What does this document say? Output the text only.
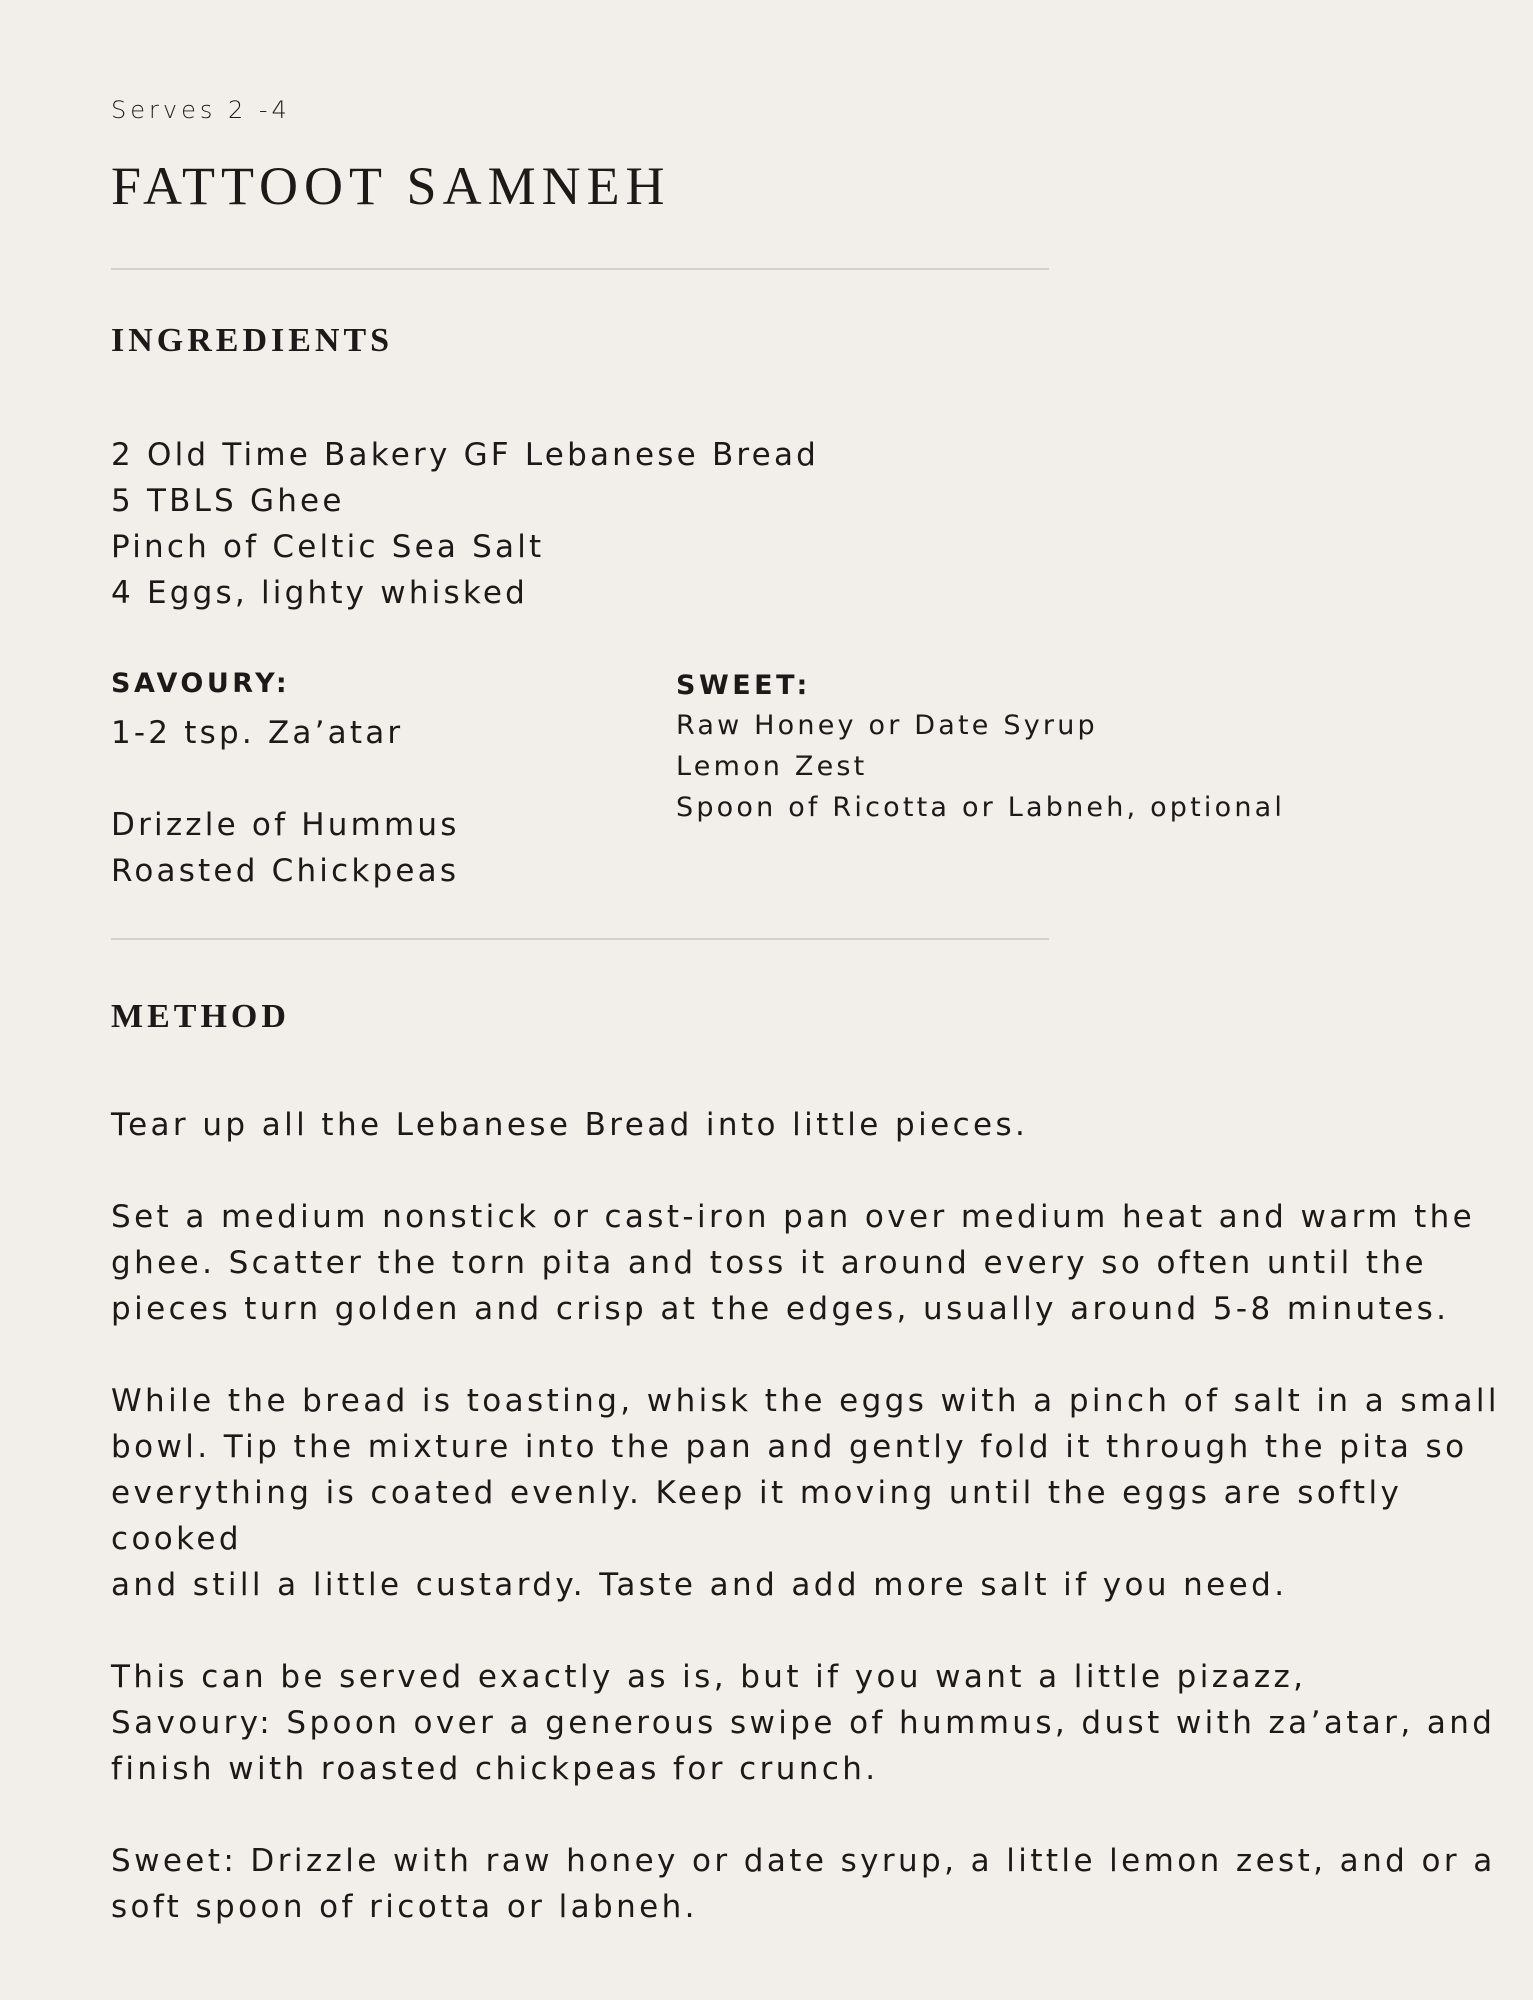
Serves 2 -4
FATTOOT SAMNEH
INGREDIENTS
2 Old Time Bakery GF Lebanese Bread
5 TBLS Ghee
Pinch of Celtic Sea Salt
4 Eggs, lighty whisked
SAVOURY:
1-2 tsp. Za’atar
Drizzle of Hummus
Roasted Chickpeas
SWEET:
Raw Honey or Date Syrup
Lemon Zest
Spoon of Ricotta or Labneh, optional
METHOD

Tear up all the Lebanese Bread into little pieces.

Set a medium nonstick or cast-iron pan over medium heat and warm the
ghee. Scatter the torn pita and toss it around every so often until the
pieces turn golden and crisp at the edges, usually around 5-8 minutes.

While the bread is toasting, whisk the eggs with a pinch of salt in a small
bowl. Tip the mixture into the pan and gently fold it through the pita so
everything is coated evenly. Keep it moving until the eggs are softly cooked
and still a little custardy. Taste and add more salt if you need.

This can be served exactly as is, but if you want a little pizazz,
Savoury: Spoon over a generous swipe of hummus, dust with za’atar, and
finish with roasted chickpeas for crunch.

Sweet: Drizzle with raw honey or date syrup, a little lemon zest, and or a
soft spoon of ricotta or labneh.
